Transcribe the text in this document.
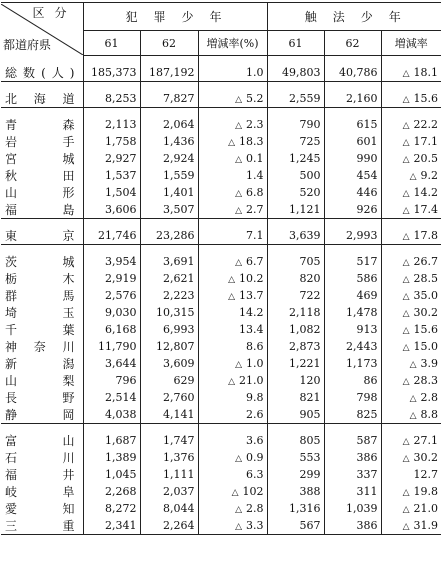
区分
都道府県	犯罪少年			触法少年		
	61	62	増減率(%)	61	62	増減率

総数(人)	185,373	187,192	1.0	49,803	40,786	△ 18.1

北海道	8,253	7,827	△ 5.2	2,559	2,160	△ 15.6

青森	2,113	2,064	△ 2.3	790	615	△ 22.2
岩手	1,758	1,436	△ 18.3	725	601	△ 17.1
宮城	2,927	2,924	△ 0.1	1,245	990	△ 20.5
秋田	1,537	1,559	1.4	500	454	△ 9.2
山形	1,504	1,401	△ 6.8	520	446	△ 14.2
福島	3,606	3,507	△ 2.7	1,121	926	△ 17.4

東京	21,746	23,286	7.1	3,639	2,993	△ 17.8

茨城	3,954	3,691	△ 6.7	705	517	△ 26.7
栃木	2,919	2,621	△ 10.2	820	586	△ 28.5
群馬	2,576	2,223	△ 13.7	722	469	△ 35.0
埼玉	9,030	10,315	14.2	2,118	1,478	△ 30.2
千葉	6,168	6,993	13.4	1,082	913	△ 15.6
神奈川	11,790	12,807	8.6	2,873	2,443	△ 15.0
新潟	3,644	3,609	△ 1.0	1,221	1,173	△ 3.9
山梨	796	629	△ 21.0	120	86	△ 28.3
長野	2,514	2,760	9.8	821	798	△ 2.8
静岡	4,038	4,141	2.6	905	825	△ 8.8

富山	1,687	1,747	3.6	805	587	△ 27.1
石川	1,389	1,376	△ 0.9	553	386	△ 30.2
福井	1,045	1,111	6.3	299	337	12.7
岐阜	2,268	2,037	△ 102	388	311	△ 19.8
愛知	8,272	8,044	△ 2.8	1,316	1,039	△ 21.0
三重	2,341	2,264	△ 3.3	567	386	△ 31.9
